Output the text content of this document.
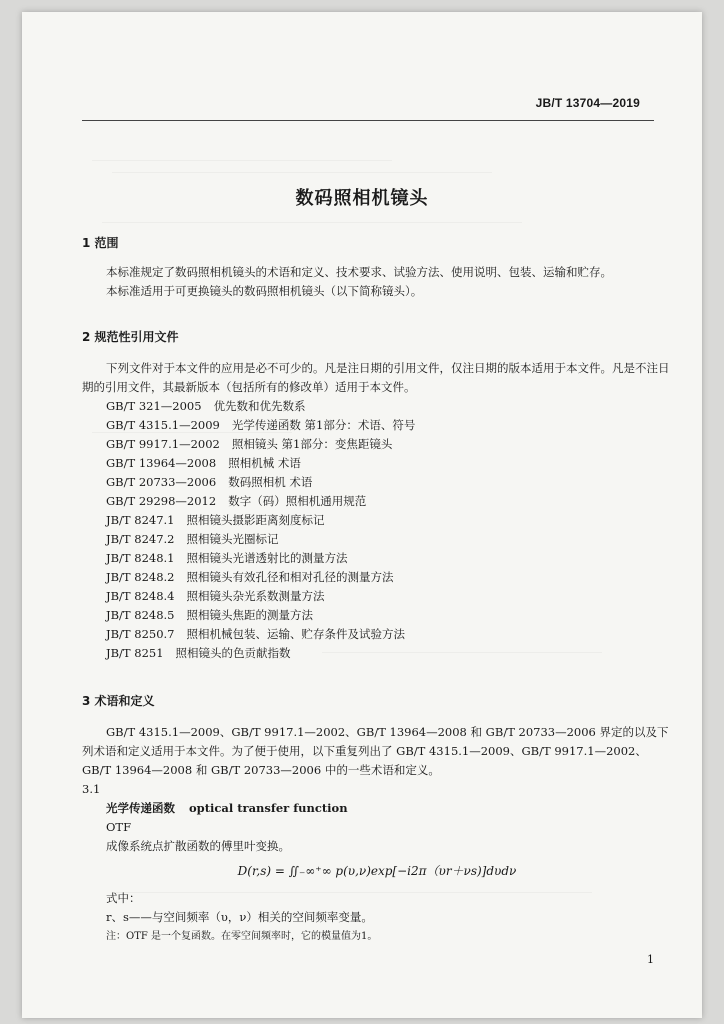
JB/T 13704—2019
数码照相机镜头
1 范围

本标准规定了数码照相机镜头的术语和定义、技术要求、试验方法、使用说明、包装、运输和贮存。

本标准适用于可更换镜头的数码照相机镜头（以下简称镜头）。

2 规范性引用文件

下列文件对于本文件的应用是必不可少的。凡是注日期的引用文件，仅注日期的版本适用于本文件。凡是不注日期的引用文件，其最新版本（包括所有的修改单）适用于本文件。

GB/T 321—2005 优先数和优先数系

GB/T 4315.1—2009 光学传递函数 第1部分：术语、符号

GB/T 9917.1—2002 照相镜头 第1部分：变焦距镜头

GB/T 13964—2008 照相机械 术语

GB/T 20733—2006 数码照相机 术语

GB/T 29298—2012 数字（码）照相机通用规范

JB/T 8247.1 照相镜头摄影距离刻度标记

JB/T 8247.2 照相镜头光圈标记

JB/T 8248.1 照相镜头光谱透射比的测量方法

JB/T 8248.2 照相镜头有效孔径和相对孔径的测量方法

JB/T 8248.4 照相镜头杂光系数测量方法

JB/T 8248.5 照相镜头焦距的测量方法

JB/T 8250.7 照相机械包装、运输、贮存条件及试验方法

JB/T 8251 照相镜头的色贡献指数

3 术语和定义

GB/T 4315.1—2009、GB/T 9917.1—2002、GB/T 13964—2008 和 GB/T 20733—2006 界定的以及下列术语和定义适用于本文件。为了便于使用，以下重复列出了 GB/T 4315.1—2009、GB/T 9917.1—2002、GB/T 13964—2008 和 GB/T 20733—2006 中的一些术语和定义。

3.1
光学传递函数 optical transfer function
OTF
成像系统点扩散函数的傅里叶变换。
D(r,s) = ∬₋∞⁺∞ p(υ,ν)exp[−i2π（υr＋νs)]dυdν
式中：
r、s——与空间频率（υ，ν）相关的空间频率变量。
注：OTF 是一个复函数。在零空间频率时，它的模量值为1。
1
